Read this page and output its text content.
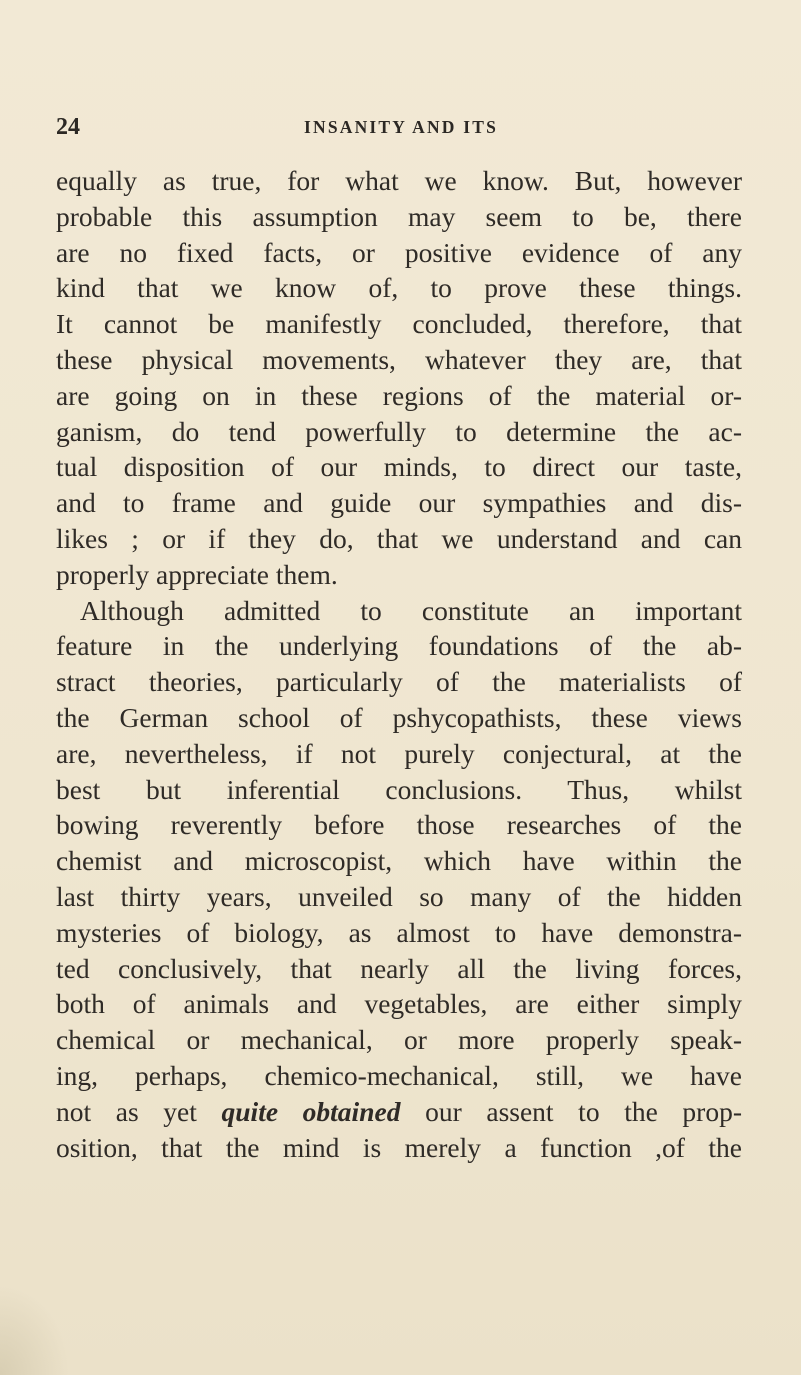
24	INSANITY AND ITS
equally as true, for what we know. But, however
probable this assumption may seem to be, there
are no fixed facts, or positive evidence of any
kind that we know of, to prove these things.
It cannot be manifestly concluded, therefore, that
these physical movements, whatever they are, that
are going on in these regions of the material or-
ganism, do tend powerfully to determine the ac-
tual disposition of our minds, to direct our taste,
and to frame and guide our sympathies and dis-
likes ; or if they do, that we understand and can
properly appreciate them.
Although admitted to constitute an important
feature in the underlying foundations of the ab-
stract theories, particularly of the materialists of
the German school of pshycopathists, these views
are, nevertheless, if not purely conjectural, at the
best but inferential conclusions. Thus, whilst
bowing reverently before those researches of the
chemist and microscopist, which have within the
last thirty years, unveiled so many of the hidden
mysteries of biology, as almost to have demonstra-
ted conclusively, that nearly all the living forces,
both of animals and vegetables, are either simply
chemical or mechanical, or more properly speak-
ing, perhaps, chemico-mechanical, still, we have
not as yet quite obtained our assent to the prop-
osition, that the mind is merely a function ,of the
